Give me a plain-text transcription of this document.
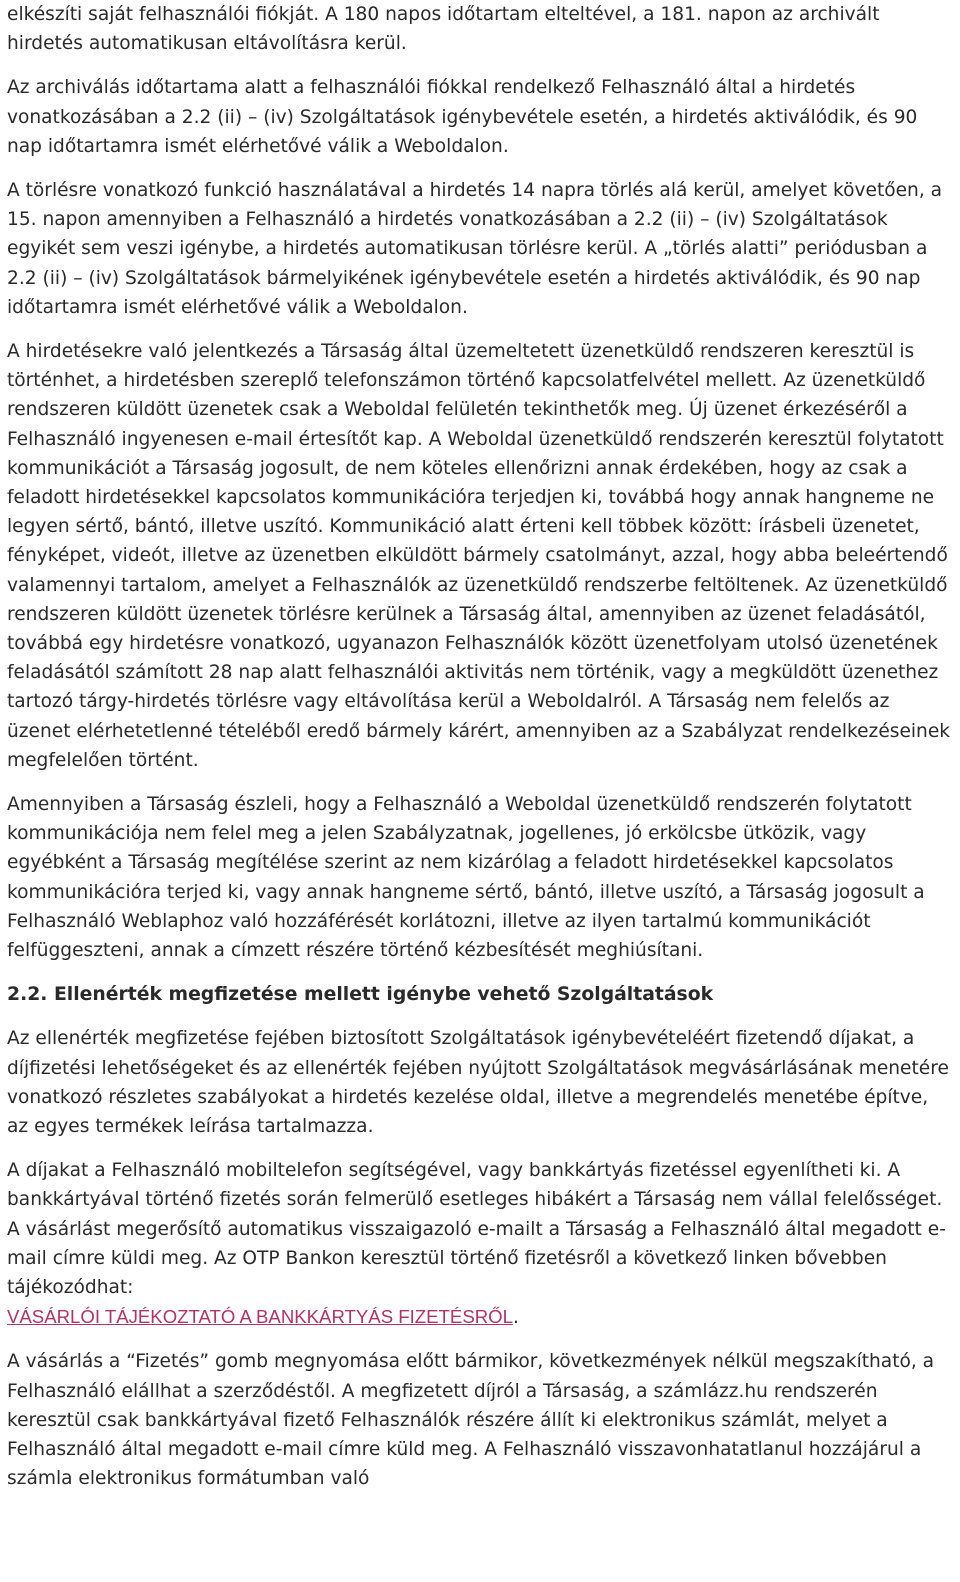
elkészíti saját felhasználói fiókját. A 180 napos időtartam elteltével, a 181. napon az archivált hirdetés automatikusan eltávolításra kerül.

Az archiválás időtartama alatt a felhasználói fiókkal rendelkező Felhasználó által a hirdetés vonatkozásában a 2.2 (ii) – (iv) Szolgáltatások igénybevétele esetén, a hirdetés aktiválódik, és 90 nap időtartamra ismét elérhetővé válik a Weboldalon.

A törlésre vonatkozó funkció használatával a hirdetés 14 napra törlés alá kerül, amelyet követően, a 15. napon amennyiben a Felhasználó a hirdetés vonatkozásában a 2.2 (ii) – (iv) Szolgáltatások egyikét sem veszi igénybe, a hirdetés automatikusan törlésre kerül. A „törlés alatti” periódusban a 2.2 (ii) – (iv) Szolgáltatások bármelyikének igénybevétele esetén a hirdetés aktiválódik, és 90 nap időtartamra ismét elérhetővé válik a Weboldalon.

A hirdetésekre való jelentkezés a Társaság által üzemeltetett üzenetküldő rendszeren keresztül is történhet, a hirdetésben szereplő telefonszámon történő kapcsolatfelvétel mellett. Az üzenetküldő rendszeren küldött üzenetek csak a Weboldal felületén tekinthetők meg. Új üzenet érkezéséről a Felhasználó ingyenesen e-mail értesítőt kap. A Weboldal üzenetküldő rendszerén keresztül folytatott kommunikációt a Társaság jogosult, de nem köteles ellenőrizni annak érdekében, hogy az csak a feladott hirdetésekkel kapcsolatos kommunikációra terjedjen ki, továbbá hogy annak hangneme ne legyen sértő, bántó, illetve uszító. Kommunikáció alatt érteni kell többek között: írásbeli üzenetet, fényképet, videót, illetve az üzenetben elküldött bármely csatolmányt, azzal, hogy abba beleértendő valamennyi tartalom, amelyet a Felhasználók az üzenetküldő rendszerbe feltöltenek. Az üzenetküldő rendszeren küldött üzenetek törlésre kerülnek a Társaság által, amennyiben az üzenet feladásától, továbbá egy hirdetésre vonatkozó, ugyanazon Felhasználók között üzenetfolyam utolsó üzenetének feladásától számított 28 nap alatt felhasználói aktivitás nem történik, vagy a megküldött üzenethez tartozó tárgy-hirdetés törlésre vagy eltávolítása kerül a Weboldalról. A Társaság nem felelős az üzenet elérhetetlenné tételéből eredő bármely kárért, amennyiben az a Szabályzat rendelkezéseinek megfelelően történt.

Amennyiben a Társaság észleli, hogy a Felhasználó a Weboldal üzenetküldő rendszerén folytatott kommunikációja nem felel meg a jelen Szabályzatnak, jogellenes, jó erkölcsbe ütközik, vagy egyébként a Társaság megítélése szerint az nem kizárólag a feladott hirdetésekkel kapcsolatos kommunikációra terjed ki, vagy annak hangneme sértő, bántó, illetve uszító, a Társaság jogosult a Felhasználó Weblaphoz való hozzáférését korlátozni, illetve az ilyen tartalmú kommunikációt felfüggeszteni, annak a címzett részére történő kézbesítését meghiúsítani.

2.2. Ellenérték megfizetése mellett igénybe vehető Szolgáltatások

Az ellenérték megfizetése fejében biztosított Szolgáltatások igénybevételéért fizetendő díjakat, a díjfizetési lehetőségeket és az ellenérték fejében nyújtott Szolgáltatások megvásárlásának menetére vonatkozó részletes szabályokat a hirdetés kezelése oldal, illetve a megrendelés menetébe építve, az egyes termékek leírása tartalmazza.

A díjakat a Felhasználó mobiltelefon segítségével, vagy bankkártyás fizetéssel egyenlítheti ki. A bankkártyával történő fizetés során felmerülő esetleges hibákért a Társaság nem vállal felelősséget. A vásárlást megerősítő automatikus visszaigazoló e-mailt a Társaság a Felhasználó által megadott e-mail címre küldi meg. Az OTP Bankon keresztül történő fizetésről a következő linken bővebben tájékozódhat:
VÁSÁRLÓI TÁJÉKOZTATÓ A BANKKÁRTYÁS FIZETÉSRŐL.

A vásárlás a “Fizetés” gomb megnyomása előtt bármikor, következmények nélkül megszakítható, a Felhasználó elállhat a szerződéstől. A megfizetett díjról a Társaság, a számlázz.hu rendszerén keresztül csak bankkártyával fizető Felhasználók részére állít ki elektronikus számlát, melyet a Felhasználó által megadott e-mail címre küld meg. A Felhasználó visszavonhatatlanul hozzájárul a számla elektronikus formátumban való
